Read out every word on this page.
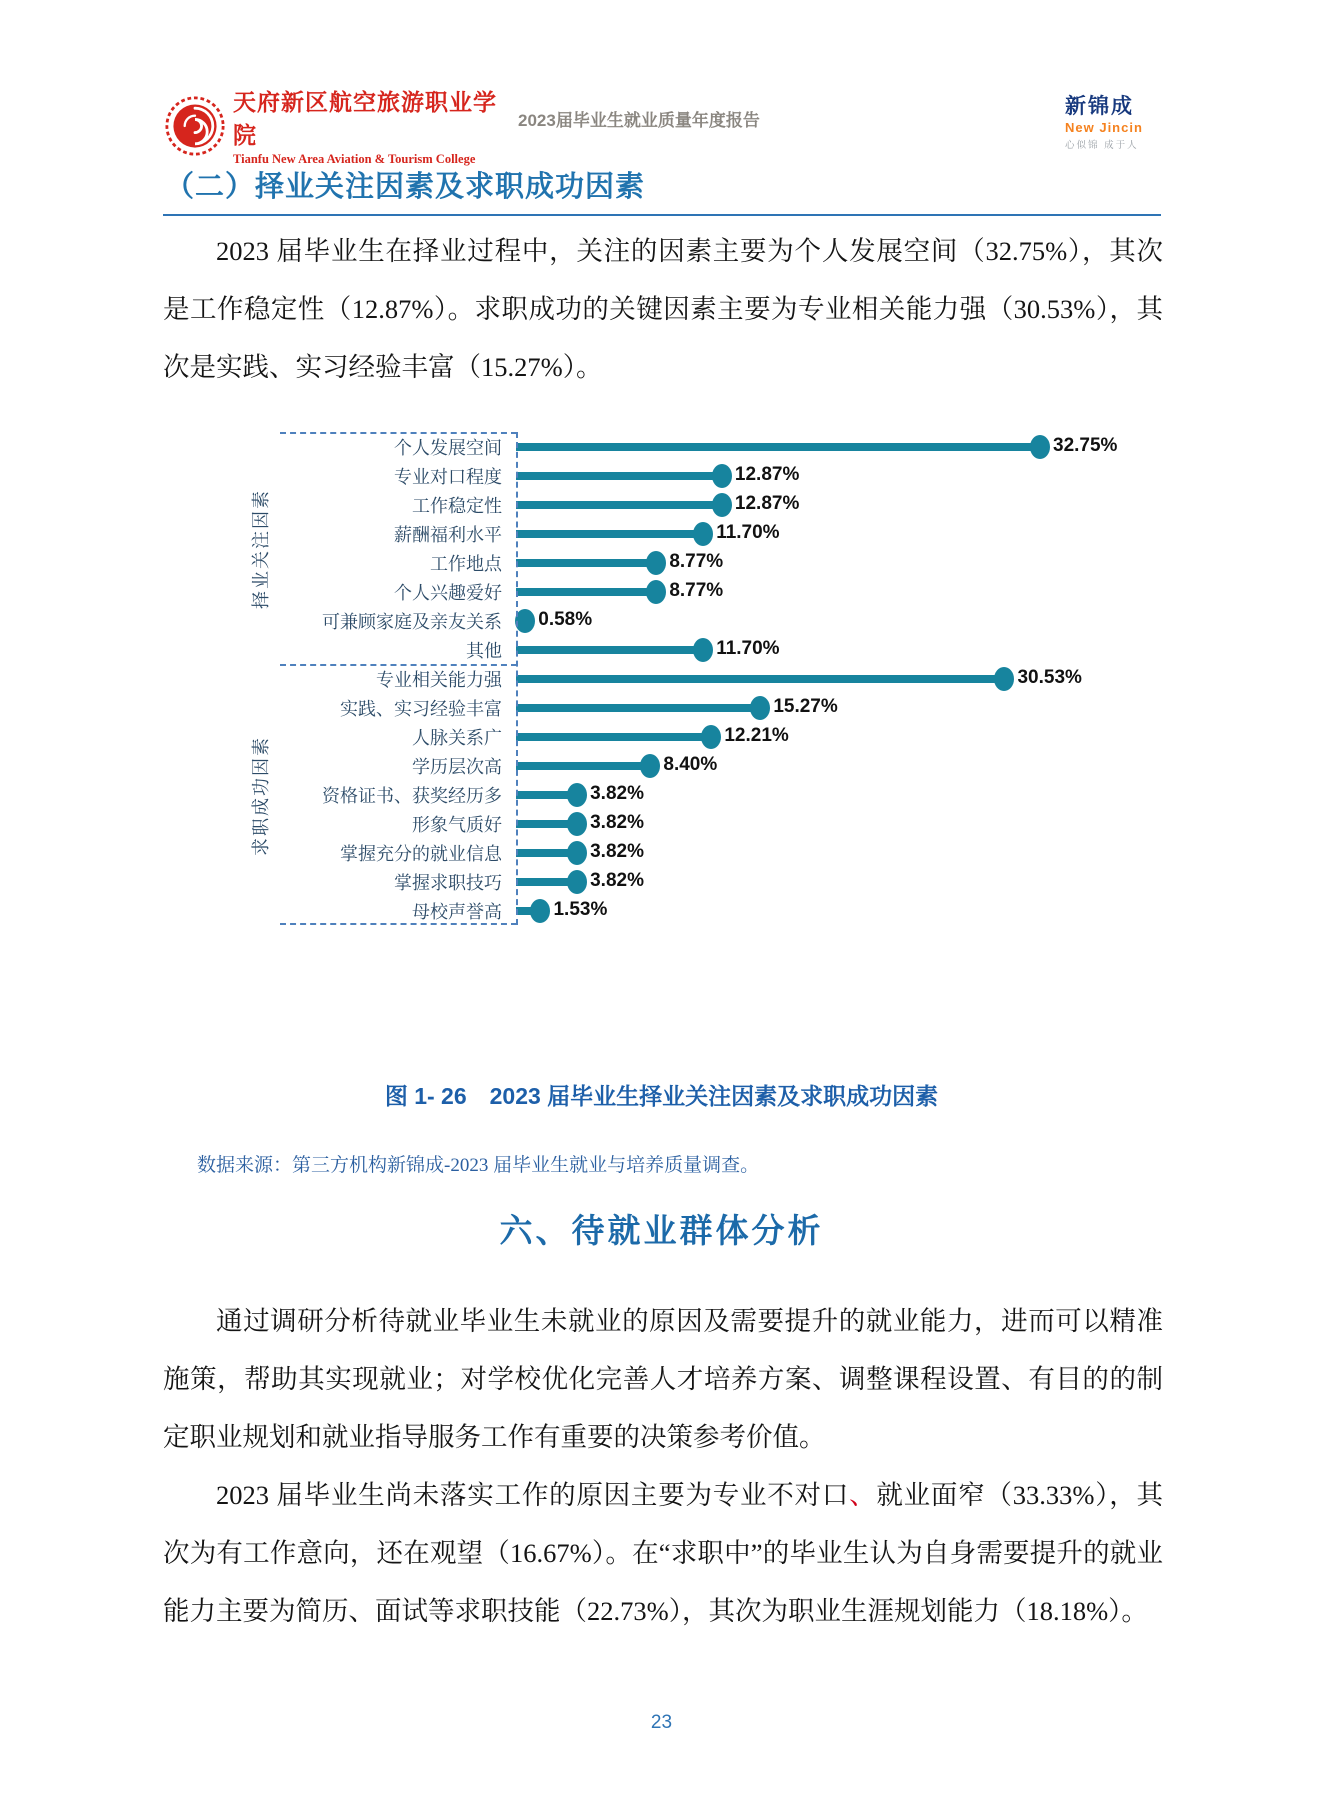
天府新区航空旅游职业学院
Tianfu New Area Aviation & Tourism College
2023届毕业生就业质量年度报告
新锦成
New Jincin
心似锦 成于人
（二）择业关注因素及求职成功因素

2023 届毕业生在择业过程中，关注的因素主要为个人发展空间（32.75%），其次是工作稳定性（12.87%）。求职成功的关键因素主要为专业相关能力强（30.53%），其次是实践、实习经验丰富（15.27%）。

个人发展空间	32.75%
专业对口程度	12.87%
工作稳定性	12.87%
薪酬福利水平	11.70%
工作地点	8.77%
个人兴趣爱好	8.77%
可兼顾家庭及亲友关系	0.58%
其他	11.70%
专业相关能力强	30.53%
实践、实习经验丰富	15.27%
人脉关系广	12.21%
学历层次高	8.40%
资格证书、获奖经历多	3.82%
形象气质好	3.82%
掌握充分的就业信息	3.82%
掌握求职技巧	3.82%
母校声誉高	1.53%
择业关注因素
求职成功因素
图 1- 26　2023 届毕业生择业关注因素及求职成功因素
数据来源：第三方机构新锦成-2023 届毕业生就业与培养质量调查。
六、待就业群体分析

通过调研分析待就业毕业生未就业的原因及需要提升的就业能力，进而可以精准施策，帮助其实现就业；对学校优化完善人才培养方案、调整课程设置、有目的的制定职业规划和就业指导服务工作有重要的决策参考价值。

2023 届毕业生尚未落实工作的原因主要为专业不对口、就业面窄（33.33%），其次为有工作意向，还在观望（16.67%）。在“求职中”的毕业生认为自身需要提升的就业能力主要为简历、面试等求职技能（22.73%），其次为职业生涯规划能力（18.18%）。

23
